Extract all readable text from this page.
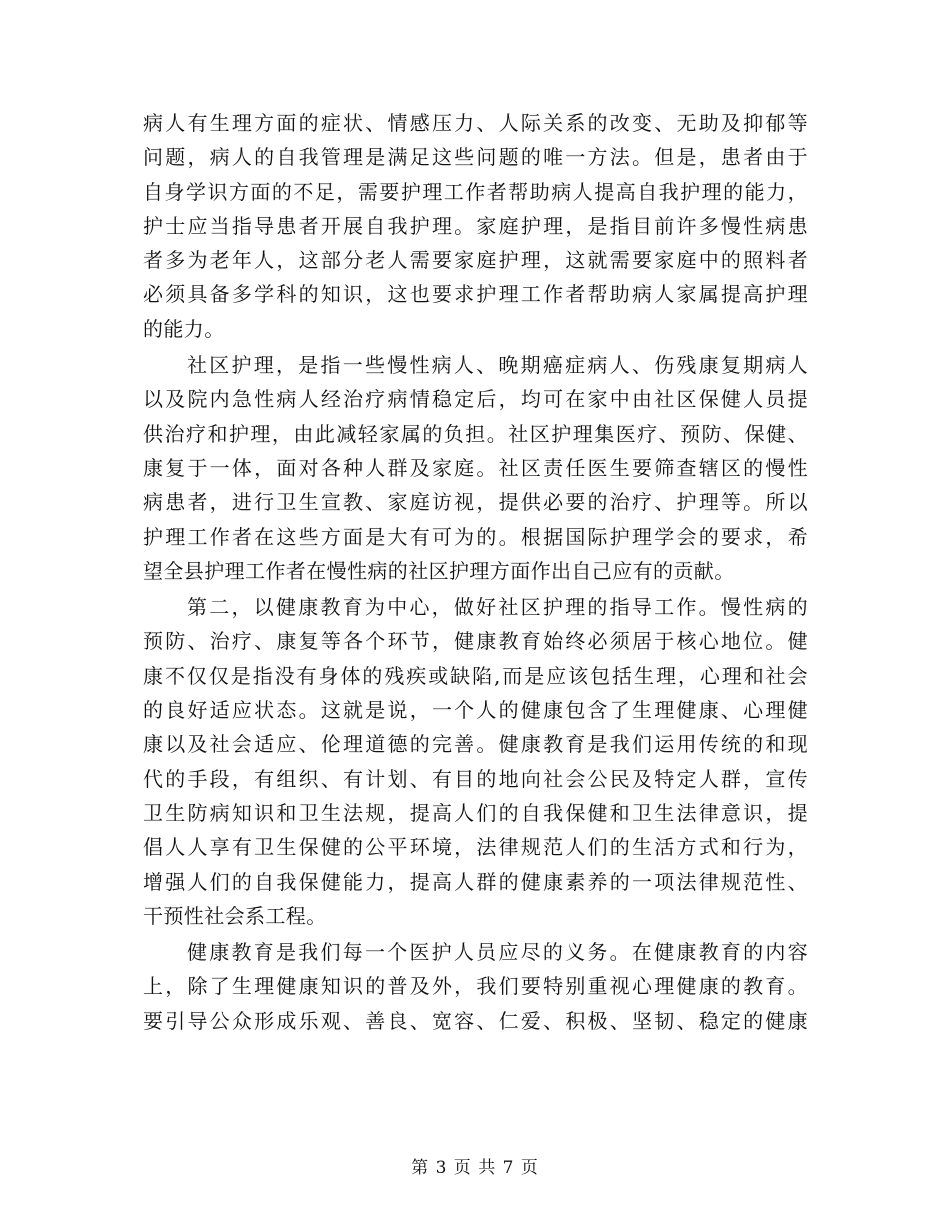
病人有生理方面的症状、情感压力、人际关系的改变、无助及抑郁等
问题，病人的自我管理是满足这些问题的唯一方法。但是，患者由于
自身学识方面的不足，需要护理工作者帮助病人提高自我护理的能力，
护士应当指导患者开展自我护理。家庭护理，是指目前许多慢性病患
者多为老年人，这部分老人需要家庭护理，这就需要家庭中的照料者
必须具备多学科的知识，这也要求护理工作者帮助病人家属提高护理
的能力。
社区护理，是指一些慢性病人、晚期癌症病人、伤残康复期病人
以及院内急性病人经治疗病情稳定后，均可在家中由社区保健人员提
供治疗和护理，由此减轻家属的负担。社区护理集医疗、预防、保健、
康复于一体，面对各种人群及家庭。社区责任医生要筛查辖区的慢性
病患者，进行卫生宣教、家庭访视，提供必要的治疗、护理等。所以
护理工作者在这些方面是大有可为的。根据国际护理学会的要求，希
望全县护理工作者在慢性病的社区护理方面作出自己应有的贡献。
第二，以健康教育为中心，做好社区护理的指导工作。慢性病的
预防、治疗、康复等各个环节，健康教育始终必须居于核心地位。健
康不仅仅是指没有身体的残疾或缺陷,而是应该包括生理，心理和社会
的良好适应状态。这就是说，一个人的健康包含了生理健康、心理健
康以及社会适应、伦理道德的完善。健康教育是我们运用传统的和现
代的手段，有组织、有计划、有目的地向社会公民及特定人群，宣传
卫生防病知识和卫生法规，提高人们的自我保健和卫生法律意识，提
倡人人享有卫生保健的公平环境，法律规范人们的生活方式和行为，
增强人们的自我保健能力，提高人群的健康素养的一项法律规范性、
干预性社会系工程。
健康教育是我们每一个医护人员应尽的义务。在健康教育的内容
上，除了生理健康知识的普及外，我们要特别重视心理健康的教育。
要引导公众形成乐观、善良、宽容、仁爱、积极、坚韧、稳定的健康
第 3 页 共 7 页
